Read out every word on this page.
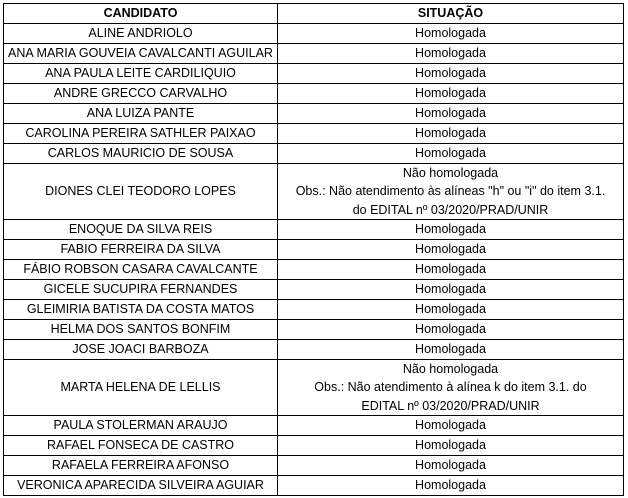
CANDIDATO	SITUAÇÃO
ALINE ANDRIOLO	Homologada

ANA MARIA GOUVEIA CAVALCANTI AGUILAR	Homologada

ANA PAULA LEITE CARDILIQUIO	Homologada

ANDRE GRECCO CARVALHO	Homologada

ANA LUIZA PANTE	Homologada

CAROLINA PEREIRA SATHLER PAIXAO	Homologada

CARLOS MAURICIO DE SOUSA	Homologada

DIONES CLEI TEODORO LOPES	Não homologada
Obs.: Não atendimento às alíneas "h" ou "i" do item 3.1.
do EDITAL nº 03/2020/PRAD/UNIR

ENOQUE DA SILVA REIS	Homologada

FABIO FERREIRA DA SILVA	Homologada

FÁBIO ROBSON CASARA CAVALCANTE	Homologada

GICELE SUCUPIRA FERNANDES	Homologada

GLEIMIRIA BATISTA DA COSTA MATOS	Homologada

HELMA DOS SANTOS BONFIM	Homologada

JOSE JOACI BARBOZA	Homologada

MARTA HELENA DE LELLIS	Não homologada
Obs.: Não atendimento à alínea k do item 3.1. do
EDITAL nº 03/2020/PRAD/UNIR

PAULA STOLERMAN ARAUJO	Homologada

RAFAEL FONSECA DE CASTRO	Homologada

RAFAELA FERREIRA AFONSO	Homologada

VERONICA APARECIDA SILVEIRA AGUIAR	Homologada
